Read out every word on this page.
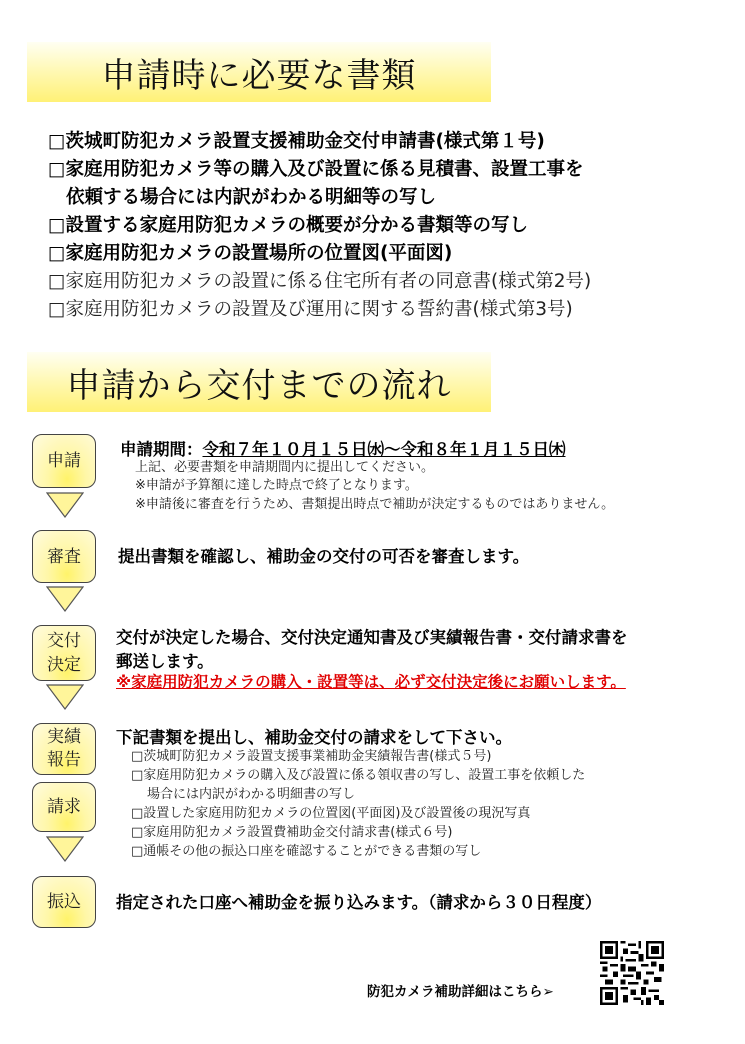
申請時に必要な書類
□茨城町防犯カメラ設置支援補助金交付申請書(様式第１号)
□家庭用防犯カメラ等の購入及び設置に係る見積書、設置工事を
依頼する場合には内訳がわかる明細等の写し
□設置する家庭用防犯カメラの概要が分かる書類等の写し
□家庭用防犯カメラの設置場所の位置図(平面図)
□家庭用防犯カメラの設置に係る住宅所有者の同意書(様式第2号)
□家庭用防犯カメラの設置及び運用に関する誓約書(様式第3号)
申請から交付までの流れ
申請
申請期間：令和７年１０月１５日㈬～令和８年１月１５日㈭
上記、必要書類を申請期間内に提出してください。
※申請が予算額に達した時点で終了となります。
※申請後に審査を行うため、書類提出時点で補助が決定するものではありません。
審査 提出書類を確認し、補助金の交付の可否を審査します。
交付
決定
交付が決定した場合、交付決定通知書及び実績報告書・交付請求書を
郵送します。
※家庭用防犯カメラの購入・設置等は、必ず交付決定後にお願いします。
実績
報告
請求
下記書類を提出し、補助金交付の請求をして下さい。
□茨城町防犯カメラ設置支援事業補助金実績報告書(様式５号)
□家庭用防犯カメラの購入及び設置に係る領収書の写し、設置工事を依頼した
場合には内訳がわかる明細書の写し
□設置した家庭用防犯カメラの位置図(平面図)及び設置後の現況写真
□家庭用防犯カメラ設置費補助金交付請求書(様式６号)
□通帳その他の振込口座を確認することができる書類の写し
振込 指定された口座へ補助金を振り込みます。（請求から３０日程度）
防犯カメラ補助詳細はこちら➢
